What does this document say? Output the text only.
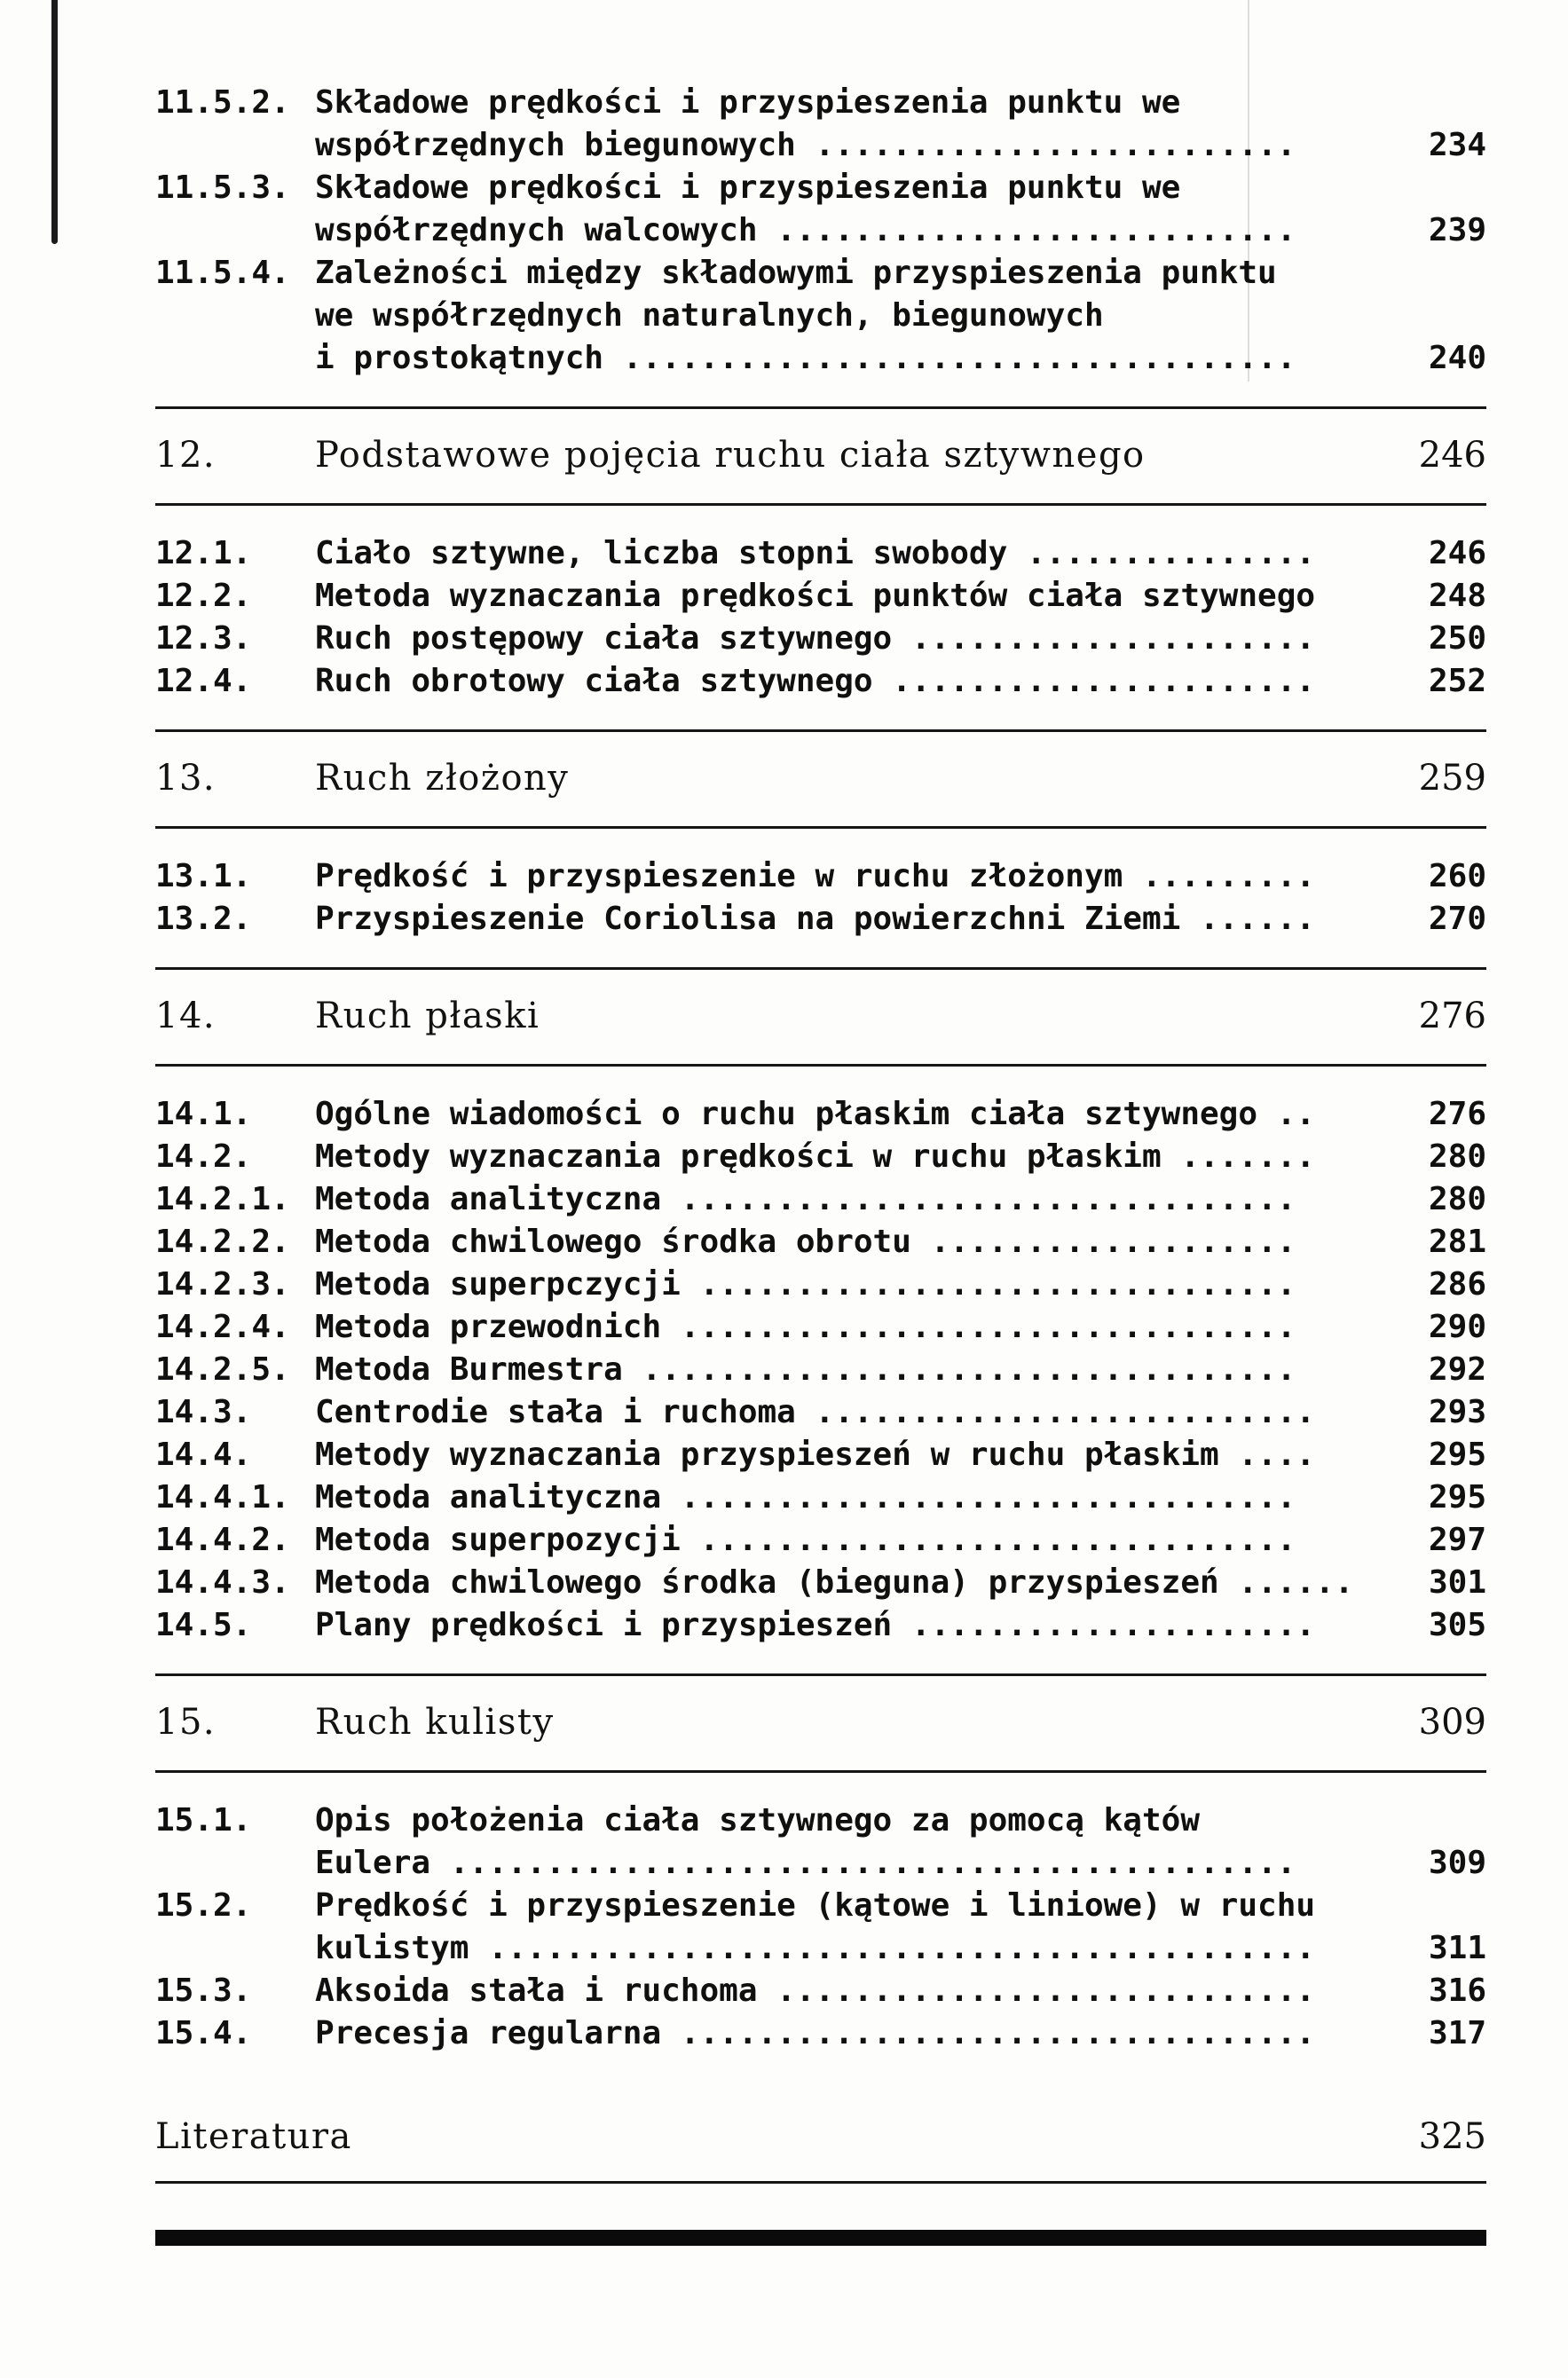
11.5.2. Składowe prędkości i przyspieszenia punktu we
współrzędnych biegunowych .........................	234
11.5.3. Składowe prędkości i przyspieszenia punktu we
współrzędnych walcowych ...........................	239
11.5.4. Zależności między składowymi przyspieszenia punktu
we współrzędnych naturalnych, biegunowych
i prostokątnych ...................................	240
12.	Podstawowe pojęcia ruchu ciała sztywnego	246
12.1.	Ciało sztywne, liczba stopni swobody ...............	246
12.2.	Metoda wyznaczania prędkości punktów ciała sztywnego	248
12.3.	Ruch postępowy ciała sztywnego .....................	250
12.4.	Ruch obrotowy ciała sztywnego ......................	252
13.	Ruch złożony	259
13.1.	Prędkość i przyspieszenie w ruchu złożonym .........	260
13.2.	Przyspieszenie Coriolisa na powierzchni Ziemi ......	270
14.	Ruch płaski	276
14.1.	Ogólne wiadomości o ruchu płaskim ciała sztywnego ..	276
14.2.	Metody wyznaczania prędkości w ruchu płaskim .......	280
14.2.1. Metoda analityczna ................................	280
14.2.2. Metoda chwilowego środka obrotu ...................	281
14.2.3. Metoda superpczycji ...............................	286
14.2.4. Metoda przewodnich ................................	290
14.2.5. Metoda Burmestra ..................................	292
14.3.	Centrodie stała i ruchoma ..........................	293
14.4.	Metody wyznaczania przyspieszeń w ruchu płaskim ....	295
14.4.1. Metoda analityczna ................................	295
14.4.2. Metoda superpozycji ...............................	297
14.4.3. Metoda chwilowego środka (bieguna) przyspieszeń ......	301
14.5.	Plany prędkości i przyspieszeń .....................	305
15.	Ruch kulisty	309
15.1.	Opis położenia ciała sztywnego za pomocą kątów
Eulera ............................................	309
15.2.	Prędkość i przyspieszenie (kątowe i liniowe) w ruchu
kulistym ...........................................	311
15.3.	Aksoida stała i ruchoma ............................	316
15.4.	Precesja regularna .................................	317
Literatura	325
